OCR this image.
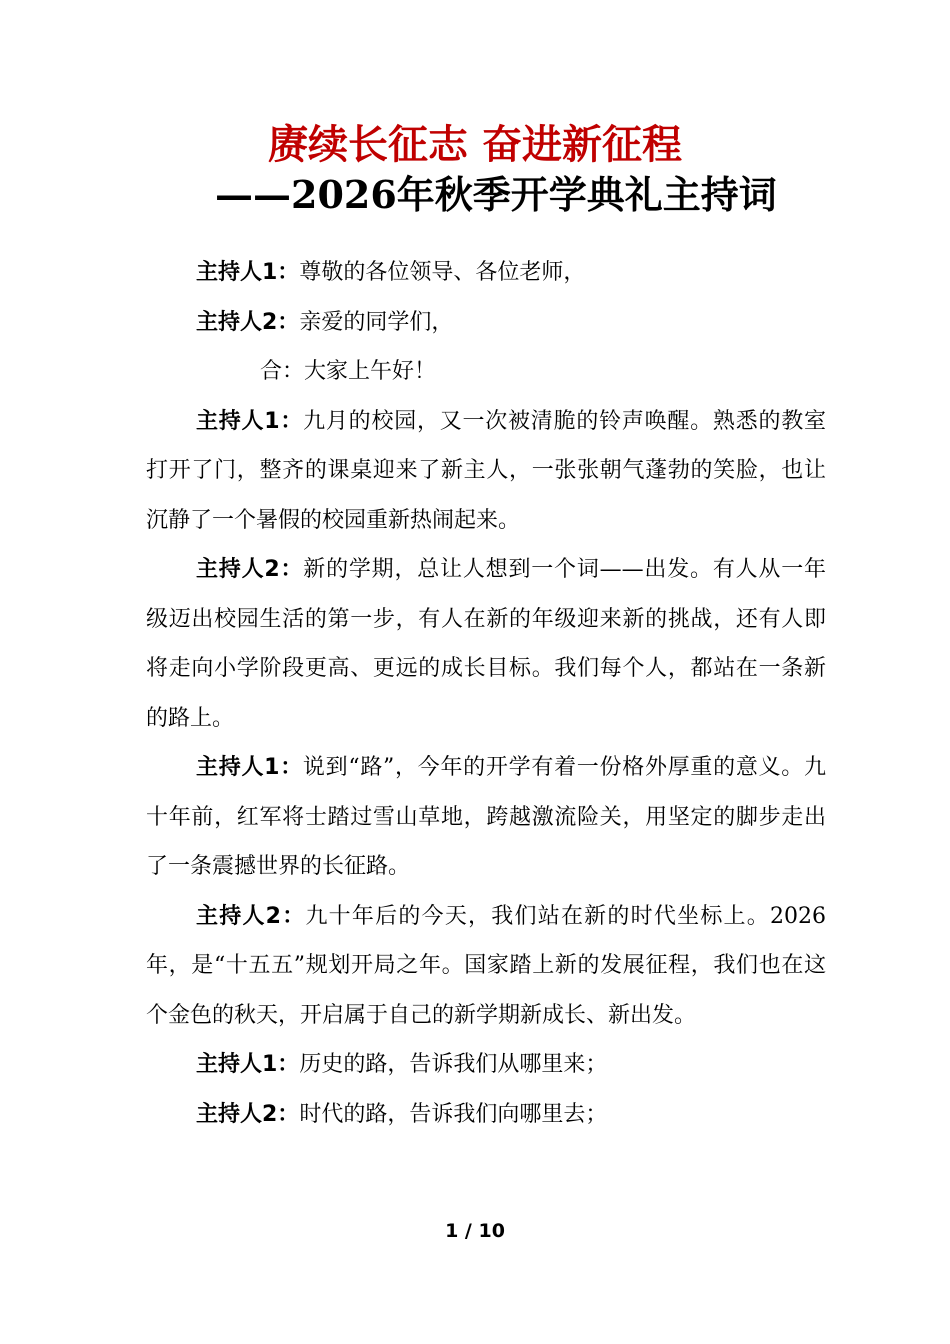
赓续长征志 奋进新征程
——2026年秋季开学典礼主持词

主持人1：尊敬的各位领导、各位老师，

主持人2：亲爱的同学们，

合：大家上午好！

主持人1：九月的校园，又一次被清脆的铃声唤醒。熟悉的教室打开了门，整齐的课桌迎来了新主人，一张张朝气蓬勃的笑脸，也让沉静了一个暑假的校园重新热闹起来。

主持人2：新的学期，总让人想到一个词——出发。有人从一年级迈出校园生活的第一步，有人在新的年级迎来新的挑战，还有人即将走向小学阶段更高、更远的成长目标。我们每个人，都站在一条新的路上。

主持人1：说到“路”，今年的开学有着一份格外厚重的意义。九十年前，红军将士踏过雪山草地，跨越激流险关，用坚定的脚步走出了一条震撼世界的长征路。

主持人2：九十年后的今天，我们站在新的时代坐标上。2026年，是“十五五”规划开局之年。国家踏上新的发展征程，我们也在这个金色的秋天，开启属于自己的新学期新成长、新出发。

主持人1：历史的路，告诉我们从哪里来；

主持人2：时代的路，告诉我们向哪里去；

1 / 10
